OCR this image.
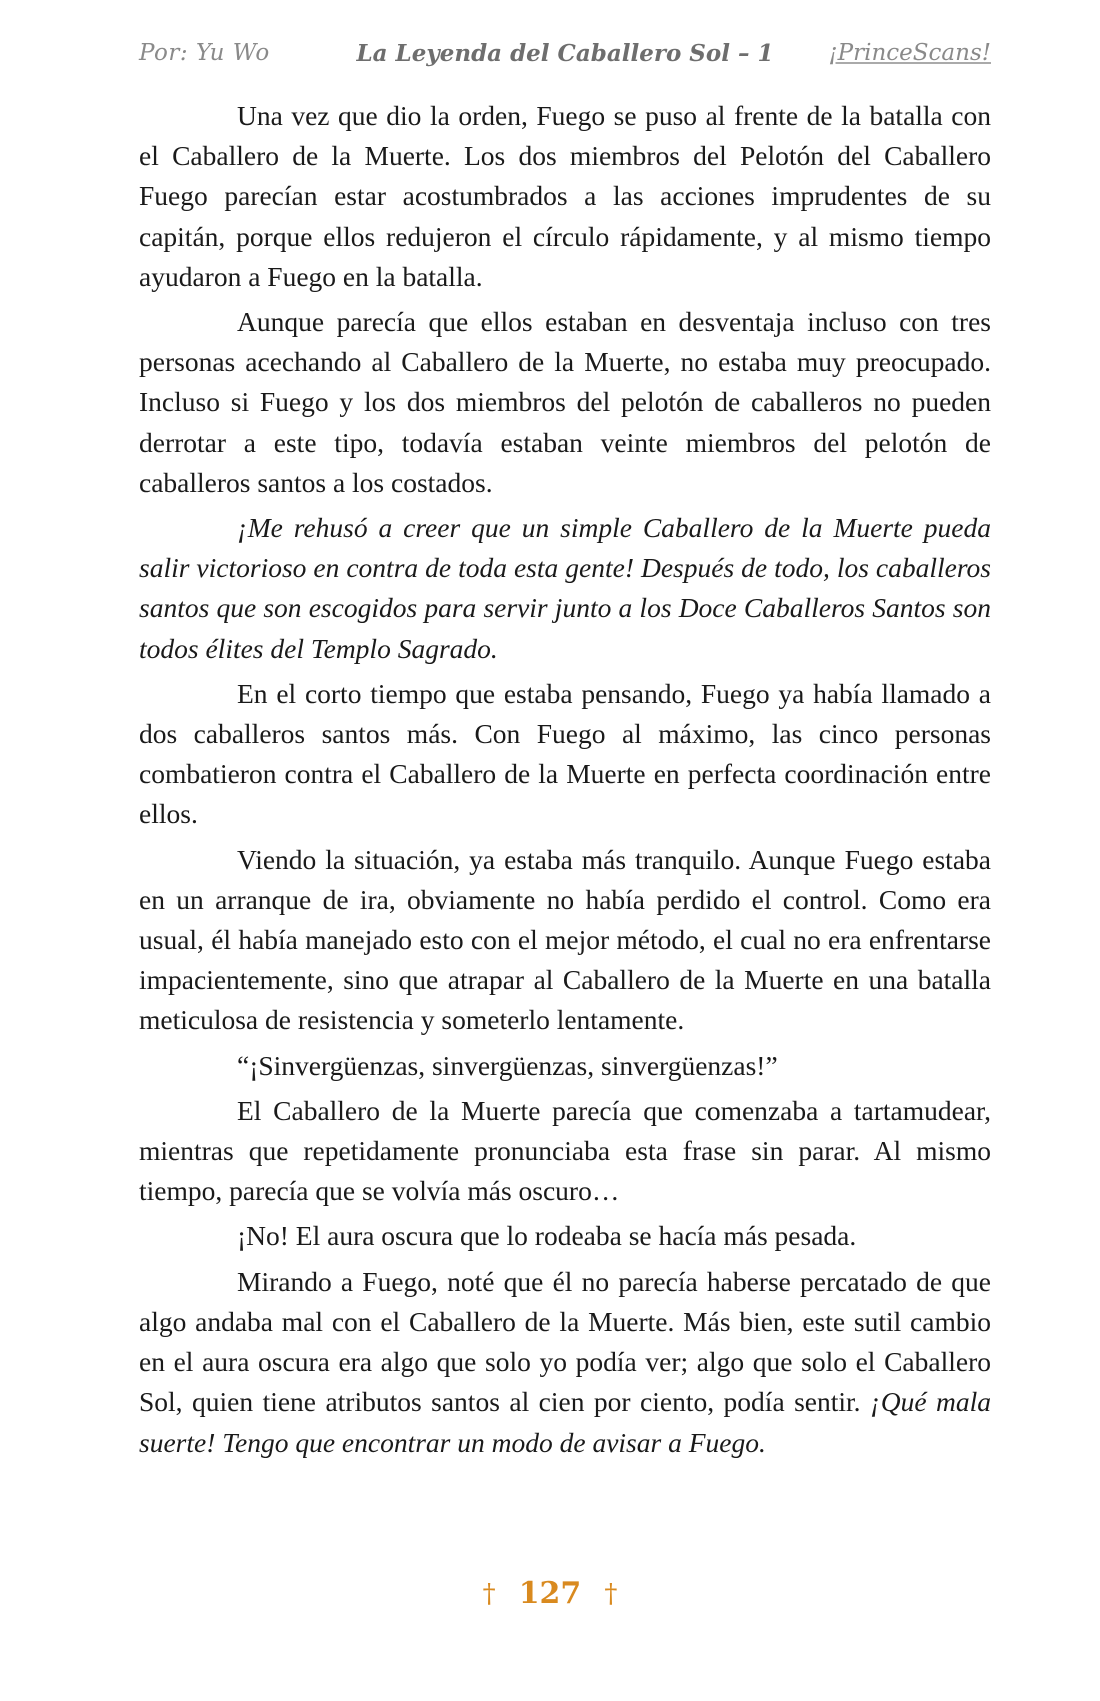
Por: Yu Wo	La Leyenda del Caballero Sol – 1	¡PrinceScans!

Una vez que dio la orden, Fuego se puso al frente de la batalla con el Caballero de la Muerte. Los dos miembros del Pelotón del Caballero Fuego parecían estar acostumbrados a las acciones imprudentes de su capitán, porque ellos redujeron el círculo rápidamente, y al mismo tiempo ayudaron a Fuego en la batalla.

Aunque parecía que ellos estaban en desventaja incluso con tres personas acechando al Caballero de la Muerte, no estaba muy preocupado. Incluso si Fuego y los dos miembros del pelotón de caballeros no pueden derrotar a este tipo, todavía estaban veinte miembros del pelotón de caballeros santos a los costados.

¡Me rehusó a creer que un simple Caballero de la Muerte pueda salir victorioso en contra de toda esta gente! Después de todo, los caballeros santos que son escogidos para servir junto a los Doce Caballeros Santos son todos élites del Templo Sagrado.

En el corto tiempo que estaba pensando, Fuego ya había llamado a dos caballeros santos más. Con Fuego al máximo, las cinco personas combatieron contra el Caballero de la Muerte en perfecta coordinación entre ellos.

Viendo la situación, ya estaba más tranquilo. Aunque Fuego estaba en un arranque de ira, obviamente no había perdido el control. Como era usual, él había manejado esto con el mejor método, el cual no era enfrentarse impacientemente, sino que atrapar al Caballero de la Muerte en una batalla meticulosa de resistencia y someterlo lentamente.

“¡Sinvergüenzas, sinvergüenzas, sinvergüenzas!”

El Caballero de la Muerte parecía que comenzaba a tartamudear, mientras que repetidamente pronunciaba esta frase sin parar. Al mismo tiempo, parecía que se volvía más oscuro…

¡No! El aura oscura que lo rodeaba se hacía más pesada.

Mirando a Fuego, noté que él no parecía haberse percatado de que algo andaba mal con el Caballero de la Muerte. Más bien, este sutil cambio en el aura oscura era algo que solo yo podía ver; algo que solo el Caballero Sol, quien tiene atributos santos al cien por ciento, podía sentir. ¡Qué mala suerte! Tengo que encontrar un modo de avisar a Fuego.

† 127 †
